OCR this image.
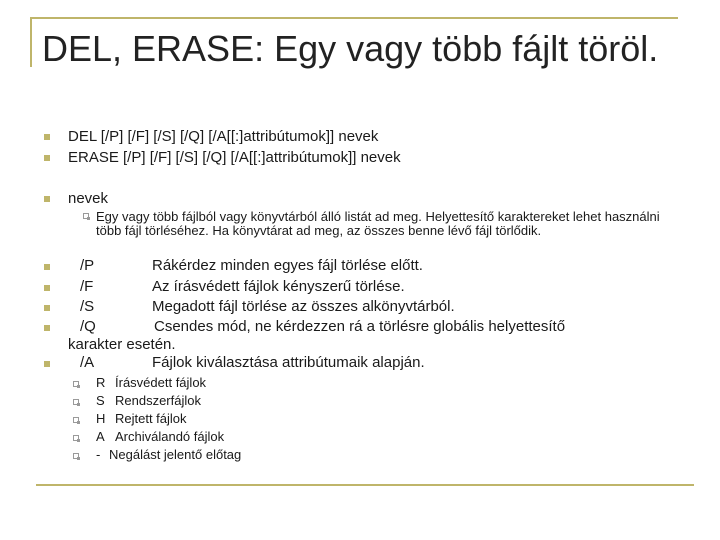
DEL, ERASE: Egy vagy több fájlt töröl.
DEL [/P] [/F] [/S] [/Q] [/A[[:]attribútumok]] nevek
ERASE [/P] [/F] [/S] [/Q] [/A[[:]attribútumok]] nevek
nevek
Egy vagy több fájlból vagy könyvtárból álló listát ad meg. Helyettesítő karaktereket lehet használni több fájl törléséhez. Ha könyvtárat ad meg, az összes benne lévő fájl törlődik.
/P	Rákérdez minden egyes fájl törlése előtt.
/F	Az írásvédett fájlok kényszerű törlése.
/S	Megadott fájl törlése az összes alkönyvtárból.
/Q	Csendes mód, ne kérdezzen rá a törlésre globális helyettesítő
karakter esetén.
/A	Fájlok kiválasztása attribútumaik alapján.
R Írásvédett fájlok
S Rendszerfájlok
H Rejtett fájlok
A Archiválandó fájlok
- Negálást jelentő előtag
